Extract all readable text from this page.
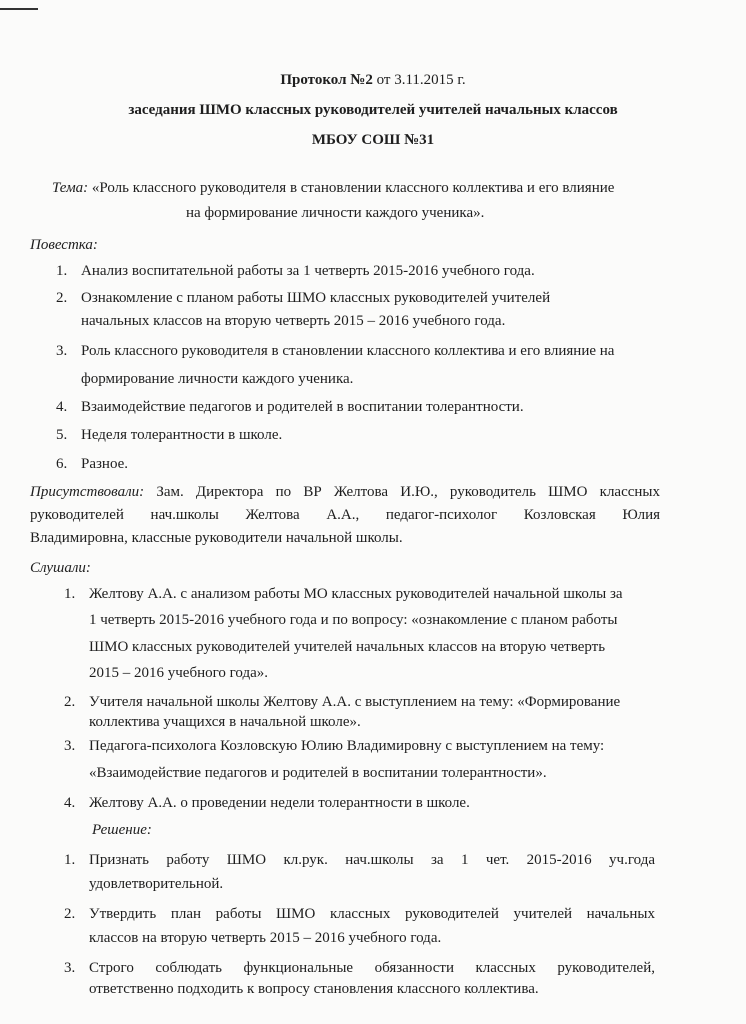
Протокол №2 от 3.11.2015 г.
заседания ШМО классных руководителей учителей начальных классов
МБОУ СОШ №31
Тема: «Роль классного руководителя в становлении классного коллектива и его влияние
на формирование личности каждого ученика».
Повестка:
1. Анализ воспитательной работы за 1 четверть 2015-2016 учебного года.
2. Ознакомление с планом работы ШМО классных руководителей учителей
начальных классов на вторую четверть 2015 – 2016 учебного года.
3. Роль классного руководителя в становлении классного коллектива и его влияние на
формирование личности каждого ученика.
4. Взаимодействие педагогов и родителей в воспитании толерантности.
5. Неделя толерантности в школе.
6. Разное.
Присутствовали: Зам. Директора по ВР Желтова И.Ю., руководитель ШМО классных
руководителей нач.школы Желтова А.А., педагог-психолог Козловская Юлия
Владимировна, классные руководители начальной школы.
Слушали:
1. Желтову А.А. с анализом работы МО классных руководителей начальной школы за
1 четверть 2015-2016 учебного года и по вопросу: «ознакомление с планом работы
ШМО классных руководителей учителей начальных классов на вторую четверть
2015 – 2016 учебного года».
2. Учителя начальной школы Желтову А.А. с выступлением на тему: «Формирование
коллектива учащихся в начальной школе».
3. Педагога-психолога Козловскую Юлию Владимировну с выступлением на тему:
«Взаимодействие педагогов и родителей в воспитании толерантности».
4. Желтову А.А. о проведении недели толерантности в школе.
Решение:
1. Признать работу ШМО кл.рук. нач.школы за 1 чет. 2015-2016 уч.года
удовлетворительной.
2. Утвердить план работы ШМО классных руководителей учителей начальных
классов на вторую четверть 2015 – 2016 учебного года.
3. Строго соблюдать функциональные обязанности классных руководителей,
ответственно подходить к вопросу становления классного коллектива.
